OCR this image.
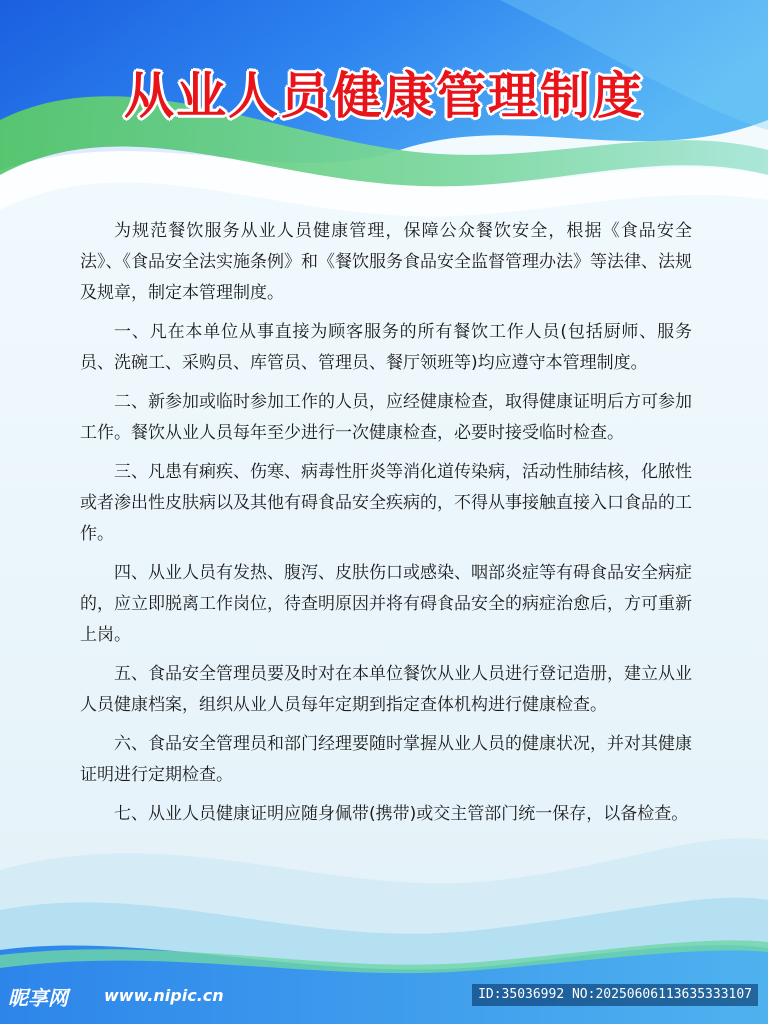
从业人员健康管理制度

为规范餐饮服务从业人员健康管理，保障公众餐饮安全，根据《食品安全法》、《食品安全法实施条例》和《餐饮服务食品安全监督管理办法》等法律、法规及规章，制定本管理制度。

一、凡在本单位从事直接为顾客服务的所有餐饮工作人员(包括厨师、服务员、洗碗工、采购员、库管员、管理员、餐厅领班等)均应遵守本管理制度。

二、新参加或临时参加工作的人员，应经健康检查，取得健康证明后方可参加工作。餐饮从业人员每年至少进行一次健康检查，必要时接受临时检查。

三、凡患有痢疾、伤寒、病毒性肝炎等消化道传染病，活动性肺结核，化脓性或者渗出性皮肤病以及其他有碍食品安全疾病的，不得从事接触直接入口食品的工作。

四、从业人员有发热、腹泻、皮肤伤口或感染、咽部炎症等有碍食品安全病症的，应立即脱离工作岗位，待查明原因并将有碍食品安全的病症治愈后，方可重新上岗。

五、食品安全管理员要及时对在本单位餐饮从业人员进行登记造册，建立从业人员健康档案，组织从业人员每年定期到指定查体机构进行健康检查。

六、食品安全管理员和部门经理要随时掌握从业人员的健康状况，并对其健康证明进行定期检查。

七、从业人员健康证明应随身佩带(携带)或交主管部门统一保存，以备检查。

昵享网 www.nipic.cn	ID:35036992 NO:20250606113635333107
